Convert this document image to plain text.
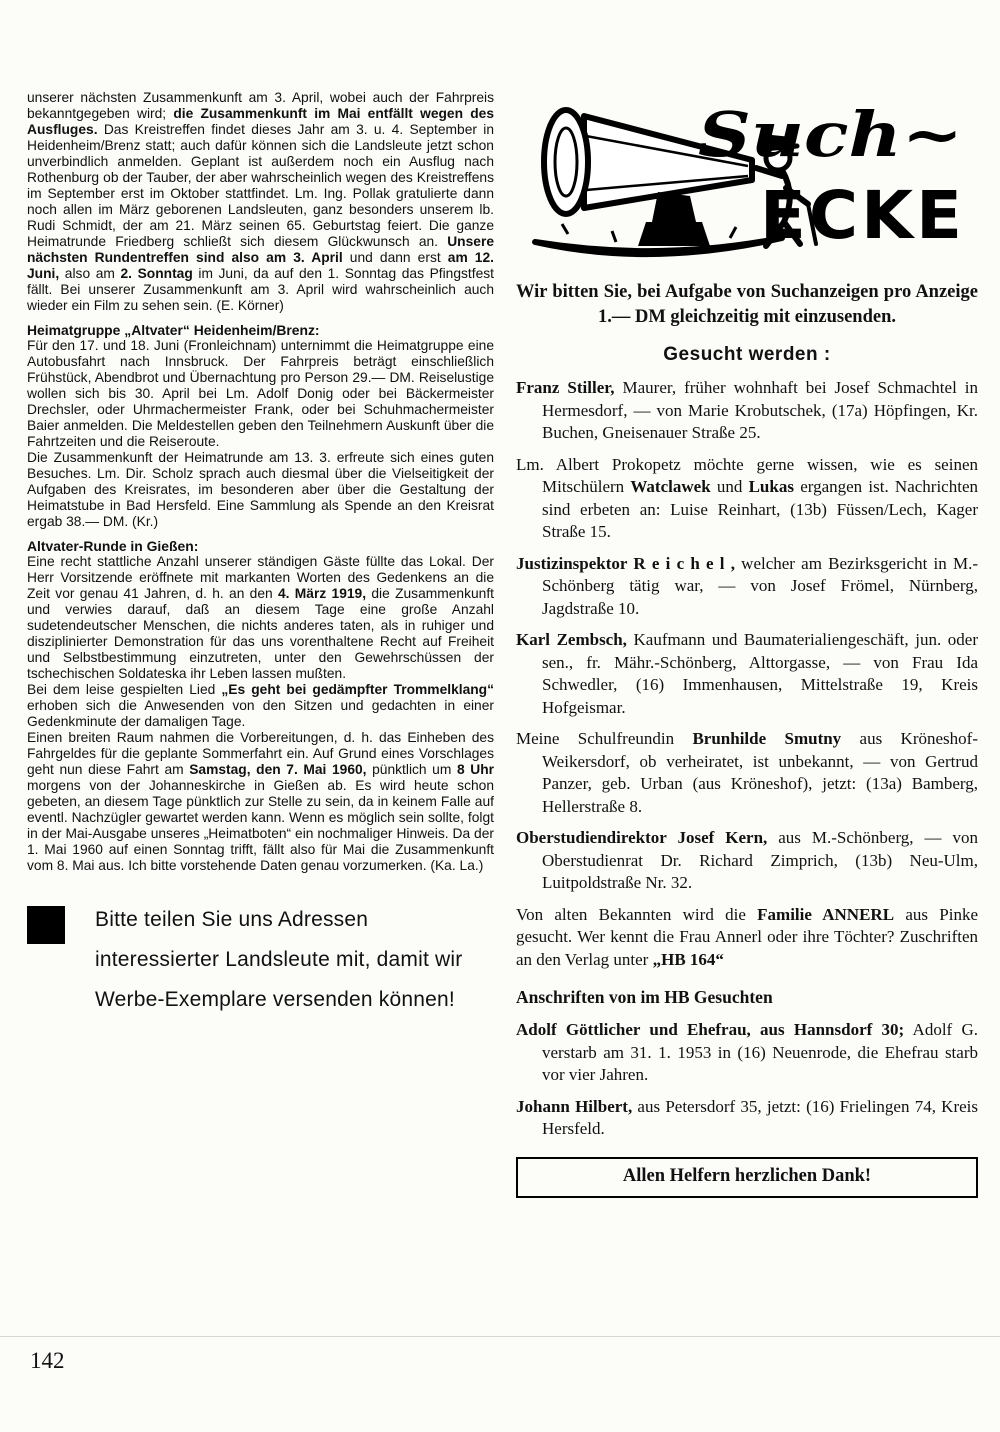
unserer nächsten Zusammenkunft am 3. April, wobei auch der Fahrpreis bekanntgegeben wird; die Zusammenkunft im Mai entfällt wegen des Ausfluges. Das Kreistreffen findet dieses Jahr am 3. u. 4. September in Heidenheim/Brenz statt; auch dafür können sich die Landsleute jetzt schon unverbindlich anmelden. Geplant ist außerdem noch ein Ausflug nach Rothenburg ob der Tauber, der aber wahrscheinlich wegen des Kreistreffens im September erst im Oktober stattfindet. Lm. Ing. Pollak gratulierte dann noch allen im März geborenen Landsleuten, ganz besonders unserem lb. Rudi Schmidt, der am 21. März seinen 65. Geburtstag feiert. Die ganze Heimatrunde Friedberg schließt sich diesem Glückwunsch an. Unsere nächsten Rundentreffen sind also am 3. April und dann erst am 12. Juni, also am 2. Sonntag im Juni, da auf den 1. Sonntag das Pfingstfest fällt. Bei unserer Zusammenkunft am 3. April wird wahrscheinlich auch wieder ein Film zu sehen sein. (E. Körner)

Heimatgruppe „Altvater“ Heidenheim/Brenz:

Für den 17. und 18. Juni (Fronleichnam) unternimmt die Heimatgruppe eine Autobusfahrt nach Innsbruck. Der Fahrpreis beträgt einschließlich Frühstück, Abendbrot und Übernachtung pro Person 29.— DM. Reiselustige wollen sich bis 30. April bei Lm. Adolf Donig oder bei Bäckermeister Drechsler, oder Uhrmachermeister Frank, oder bei Schuhmachermeister Baier anmelden. Die Meldestellen geben den Teilnehmern Auskunft über die Fahrtzeiten und die Reiseroute.

Die Zusammenkunft der Heimatrunde am 13. 3. erfreute sich eines guten Besuches. Lm. Dir. Scholz sprach auch diesmal über die Vielseitigkeit der Aufgaben des Kreisrates, im besonderen aber über die Gestaltung der Heimatstube in Bad Hersfeld. Eine Sammlung als Spende an den Kreisrat ergab 38.— DM. (Kr.)

Altvater-Runde in Gießen:

Eine recht stattliche Anzahl unserer ständigen Gäste füllte das Lokal. Der Herr Vorsitzende eröffnete mit markanten Worten des Gedenkens an die Zeit vor genau 41 Jahren, d. h. an den 4. März 1919, die Zusammenkunft und verwies darauf, daß an diesem Tage eine große Anzahl sudetendeutscher Menschen, die nichts anderes taten, als in ruhiger und disziplinierter Demonstration für das uns vorenthaltene Recht auf Freiheit und Selbstbestimmung einzutreten, unter den Gewehrschüssen der tschechischen Soldateska ihr Leben lassen mußten.

Bei dem leise gespielten Lied „Es geht bei gedämpfter Trommelklang“ erhoben sich die Anwesenden von den Sitzen und gedachten in einer Gedenkminute der damaligen Tage.

Einen breiten Raum nahmen die Vorbereitungen, d. h. das Einheben des Fahrgeldes für die geplante Sommerfahrt ein. Auf Grund eines Vorschlages geht nun diese Fahrt am Samstag, den 7. Mai 1960, pünktlich um 8 Uhr morgens von der Johanneskirche in Gießen ab. Es wird heute schon gebeten, an diesem Tage pünktlich zur Stelle zu sein, da in keinem Falle auf eventl. Nachzügler gewartet werden kann. Wenn es möglich sein sollte, folgt in der Mai-Ausgabe unseres „Heimatboten“ ein nochmaliger Hinweis. Da der 1. Mai 1960 auf einen Sonntag trifft, fällt also für Mai die Zusammenkunft vom 8. Mai aus. Ich bitte vorstehende Daten genau vorzumerken. (Ka. La.)

Bitte teilen Sie uns Adressen
interessierter Landsleute mit, damit wir
Werbe-Exemplare versenden können!
Such~
ECKE

Wir bitten Sie, bei Aufgabe von Suchanzeigen pro Anzeige 1.— DM gleichzeitig mit einzusenden.

Gesucht werden :
Franz Stiller, Maurer, früher wohnhaft bei Josef Schmachtel in Hermesdorf, — von Marie Krobutschek, (17a) Höpfingen, Kr. Buchen, Gneisenauer Straße 25.
Lm. Albert Prokopetz möchte gerne wissen, wie es seinen Mitschülern Watclawek und Lukas ergangen ist. Nachrichten sind erbeten an: Luise Reinhart, (13b) Füssen/Lech, Kager Straße 15.
Justizinspektor R e i c h e l , welcher am Bezirksgericht in M.-Schönberg tätig war, — von Josef Frömel, Nürnberg, Jagdstraße 10.
Karl Zembsch, Kaufmann und Baumaterialiengeschäft, jun. oder sen., fr. Mähr.-Schönberg, Alttorgasse, — von Frau Ida Schwedler, (16) Immenhausen, Mittelstraße 19, Kreis Hofgeismar.
Meine Schulfreundin Brunhilde Smutny aus Kröneshof-Weikersdorf, ob verheiratet, ist unbekannt, — von Gertrud Panzer, geb. Urban (aus Kröneshof), jetzt: (13a) Bamberg, Hellerstraße 8.
Oberstudiendirektor Josef Kern, aus M.-Schönberg, — von Oberstudienrat Dr. Richard Zimprich, (13b) Neu-Ulm, Luitpoldstraße Nr. 32.
Von alten Bekannten wird die Familie ANNERL aus Pinke gesucht. Wer kennt die Frau Annerl oder ihre Töchter? Zuschriften an den Verlag unter „HB 164“
Anschriften von im HB Gesuchten
Adolf Göttlicher und Ehefrau, aus Hannsdorf 30; Adolf G. verstarb am 31. 1. 1953 in (16) Neuenrode, die Ehefrau starb vor vier Jahren.
Johann Hilbert, aus Petersdorf 35, jetzt: (16) Frielingen 74, Kreis Hersfeld.
Allen Helfern herzlichen Dank!
142
